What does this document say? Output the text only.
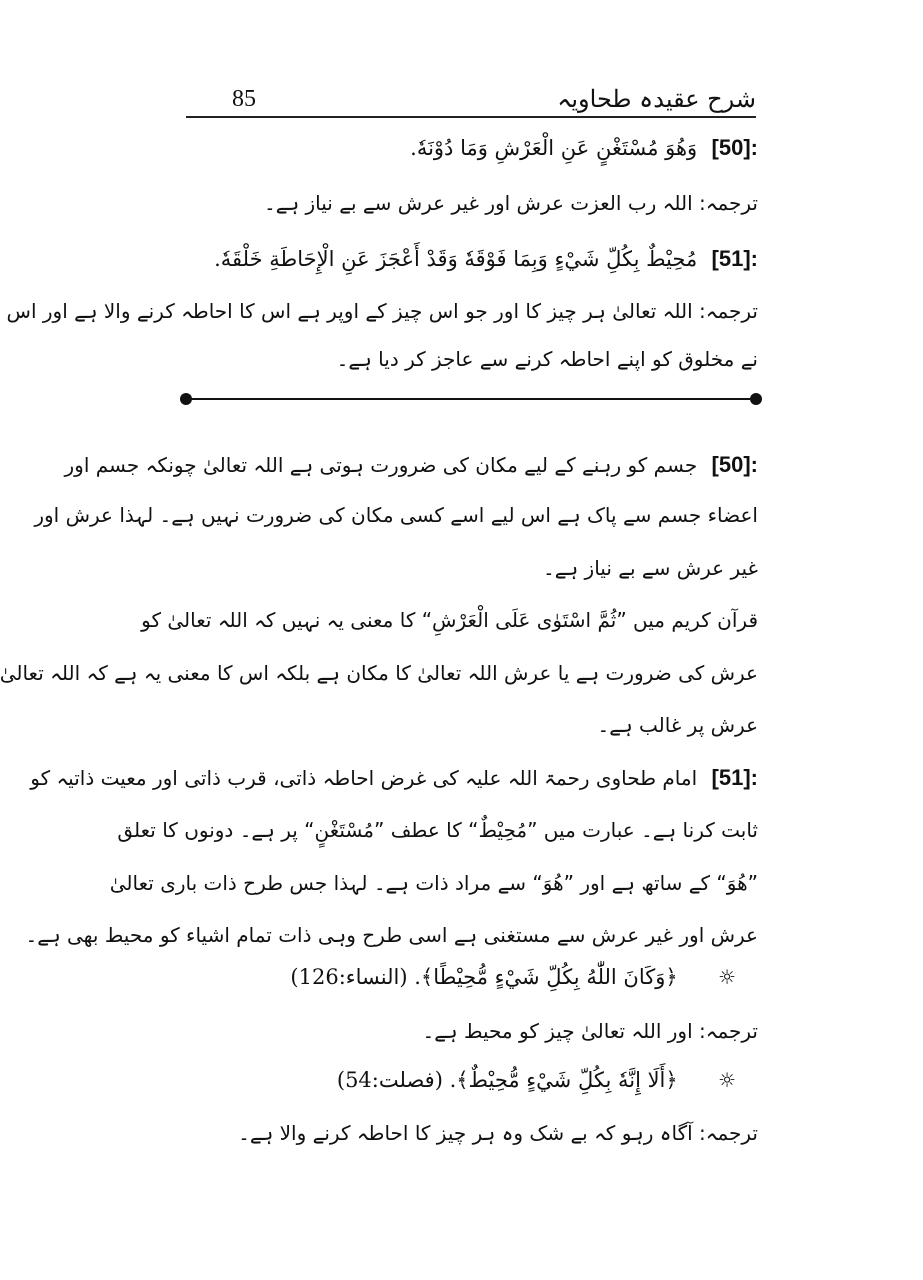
شرح عقیدہ طحاویہ
85
[50]: وَهُوَ مُسْتَغْنٍ عَنِ الْعَرْشِ وَمَا دُوْنَهٗ.
ترجمہ: اللہ رب العزت عرش اور غیر عرش سے بے نیاز ہے۔
[51]: مُحِيْطٌ بِكُلِّ شَيْءٍ وَبِمَا فَوْقَهٗ وَقَدْ أَعْجَزَ عَنِ الْإِحَاطَةِ خَلْقَهٗ.
ترجمہ: اللہ تعالیٰ ہر چیز کا اور جو اس چیز کے اوپر ہے اس کا احاطہ کرنے والا ہے اور اس
نے مخلوق کو اپنے احاطہ کرنے سے عاجز کر دیا ہے۔
[50]: جسم کو رہنے کے لیے مکان کی ضرورت ہوتی ہے اللہ تعالیٰ چونکہ جسم اور
اعضاء جسم سے پاک ہے اس لیے اسے کسی مکان کی ضرورت نہیں ہے۔ لہذا عرش اور
غیر عرش سے بے نیاز ہے۔
قرآن کریم میں ”ثُمَّ اسْتَوٰى عَلَى الْعَرْشِ“ کا معنی یہ نہیں کہ اللہ تعالیٰ کو
عرش کی ضرورت ہے یا عرش اللہ تعالیٰ کا مکان ہے بلکہ اس کا معنی یہ ہے کہ اللہ تعالیٰ
عرش پر غالب ہے۔
[51]: امام طحاوی رحمۃ اللہ علیہ کی غرض احاطہ ذاتی، قرب ذاتی اور معیت ذاتیہ کو
ثابت کرنا ہے۔ عبارت میں ”مُحِيْطٌ“ کا عطف ”مُسْتَغْنٍ“ پر ہے۔ دونوں کا تعلق
”هُوَ“ کے ساتھ ہے اور ”هُوَ“ سے مراد ذات ہے۔ لہذا جس طرح ذات باری تعالیٰ
عرش اور غیر عرش سے مستغنی ہے اسی طرح وہی ذات تمام اشیاء کو محیط بھی ہے۔
☼ ﴿وَكَانَ اللّٰهُ بِكُلِّ شَيْءٍ مُّحِيْطًا﴾. (النساء:126)
ترجمہ: اور اللہ تعالیٰ چیز کو محیط ہے۔
☼ ﴿أَلَا إِنَّهٗ بِكُلِّ شَيْءٍ مُّحِيْطٌ﴾. (فصلت:54)
ترجمہ: آگاہ رہو کہ بے شک وہ ہر چیز کا احاطہ کرنے والا ہے۔
